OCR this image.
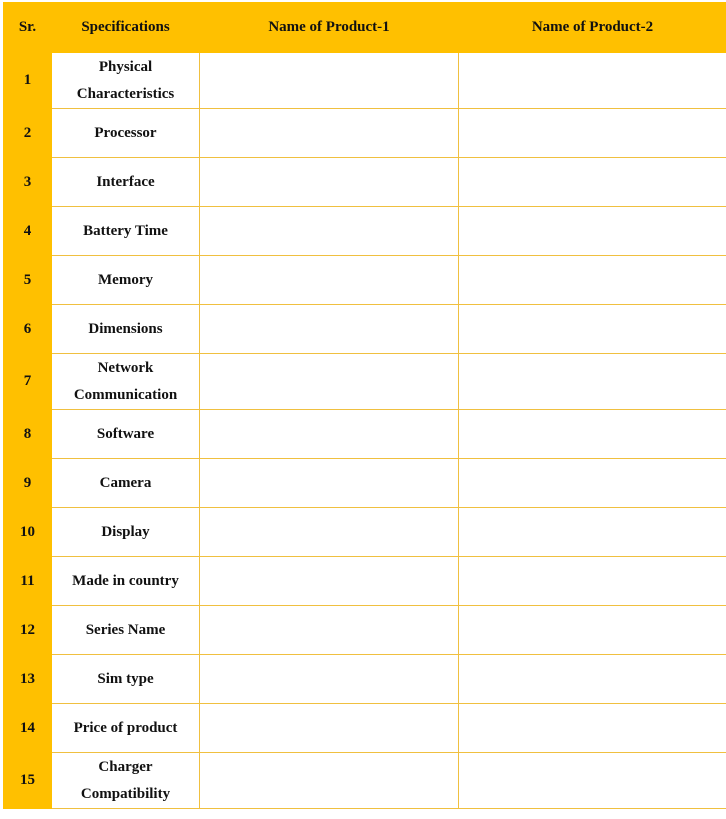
Sr.	Specifications	Name of Product-1	Name of Product-2
1	Physical Characteristics		
2	Processor		
3	Interface		
4	Battery Time		
5	Memory		
6	Dimensions		
7	Network Communication		
8	Software		
9	Camera		
10	Display		
11	Made in country		
12	Series Name		
13	Sim type		
14	Price of product		
15	Charger Compatibility		
